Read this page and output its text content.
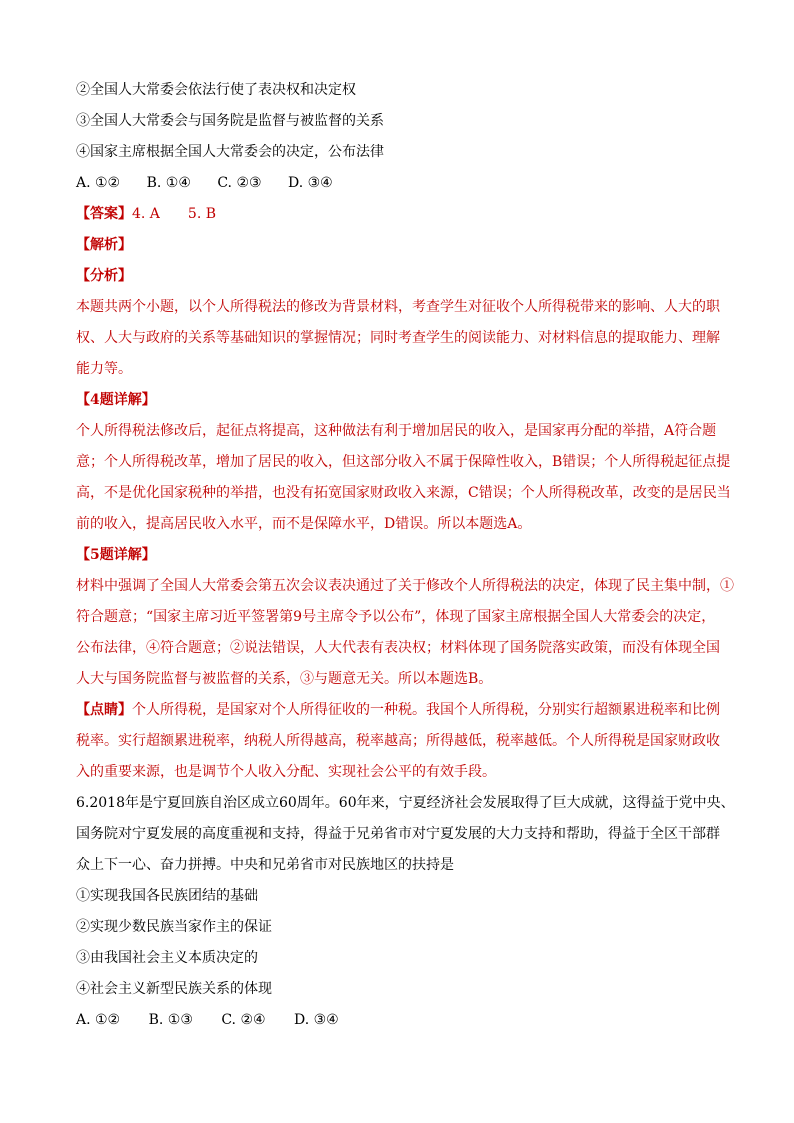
②全国人大常委会依法行使了表决权和决定权
③全国人大常委会与国务院是监督与被监督的关系
④国家主席根据全国人大常委会的决定，公布法律
A. ①② B. ①④ C. ②③ D. ③④
【答案】4. A　　5. B
【解析】
【分析】
本题共两个小题，以个人所得税法的修改为背景材料，考查学生对征收个人所得税带来的影响、人大的职
权、人大与政府的关系等基础知识的掌握情况；同时考查学生的阅读能力、对材料信息的提取能力、理解
能力等。
【4题详解】
个人所得税法修改后，起征点将提高，这种做法有利于增加居民的收入，是国家再分配的举措，A符合题
意；个人所得税改革，增加了居民的收入，但这部分收入不属于保障性收入，B错误；个人所得税起征点提
高，不是优化国家税种的举措，也没有拓宽国家财政收入来源，C错误；个人所得税改革，改变的是居民当
前的收入，提高居民收入水平，而不是保障水平，D错误。所以本题选A。
【5题详解】
材料中强调了全国人大常委会第五次会议表决通过了关于修改个人所得税法的决定，体现了民主集中制，①
符合题意；“国家主席习近平签署第9号主席令予以公布”，体现了国家主席根据全国人大常委会的决定，
公布法律，④符合题意；②说法错误，人大代表有表决权；材料体现了国务院落实政策，而没有体现全国
人大与国务院监督与被监督的关系，③与题意无关。所以本题选B。
【点睛】个人所得税，是国家对个人所得征收的一种税。我国个人所得税，分别实行超额累进税率和比例
税率。实行超额累进税率，纳税人所得越高，税率越高；所得越低，税率越低。个人所得税是国家财政收
入的重要来源，也是调节个人收入分配、实现社会公平的有效手段。
6.2018年是宁夏回族自治区成立60周年。60年来，宁夏经济社会发展取得了巨大成就，这得益于党中央、
国务院对宁夏发展的高度重视和支持，得益于兄弟省市对宁夏发展的大力支持和帮助，得益于全区干部群
众上下一心、奋力拼搏。中央和兄弟省市对民族地区的扶持是
①实现我国各民族团结的基础
②实现少数民族当家作主的保证
③由我国社会主义本质决定的
④社会主义新型民族关系的体现
A. ①② B. ①③ C. ②④ D. ③④
